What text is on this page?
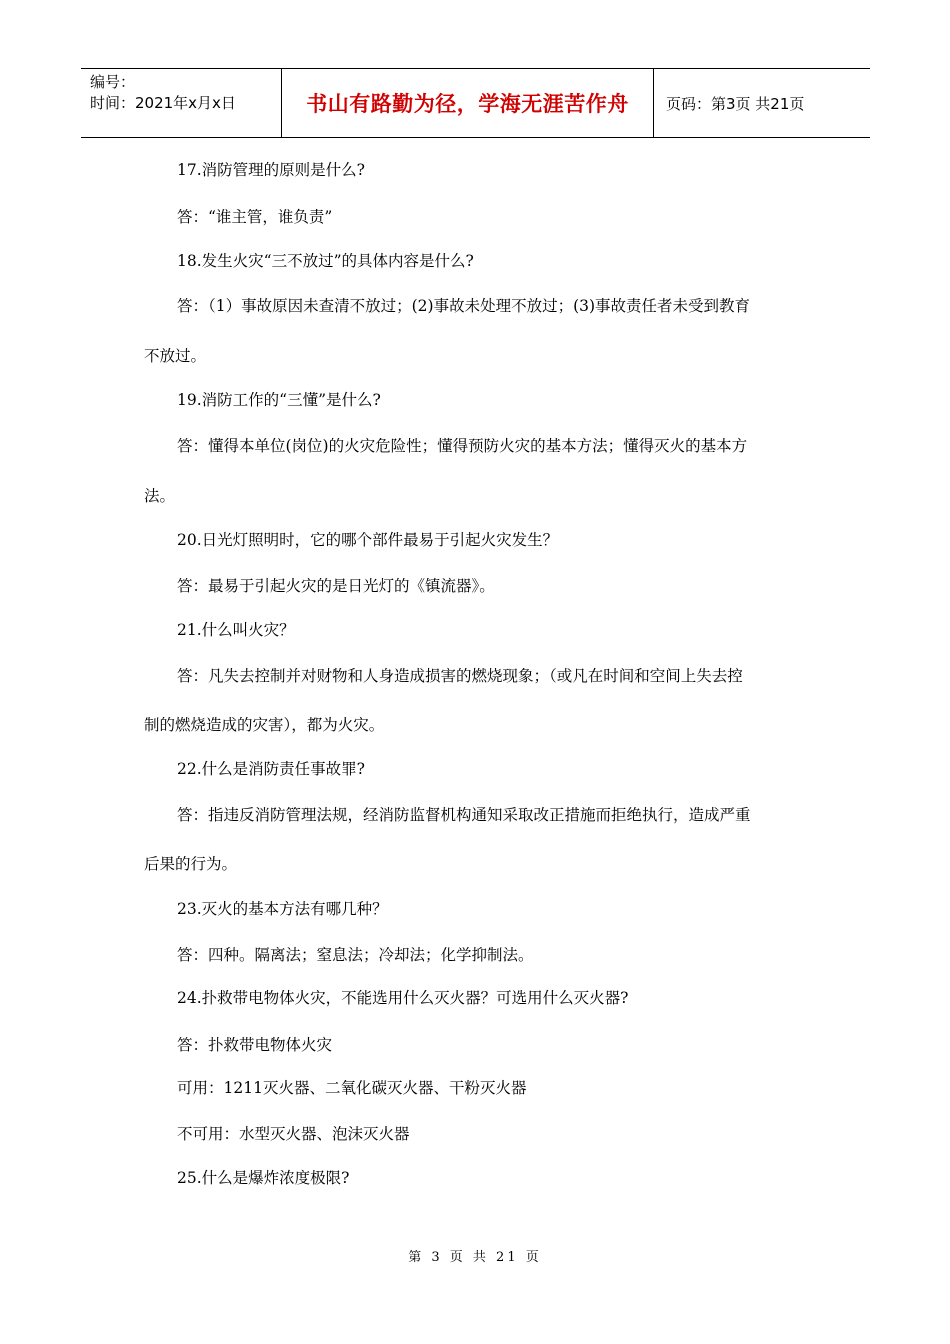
编号：
时间：2021年x月x日	书山有路勤为径，学海无涯苦作舟	页码：第3页 共21页
17.消防管理的原则是什么?
答：“谁主管，谁负责”
18.发生火灾“三不放过”的具体内容是什么?
答：（1）事故原因未查清不放过；(2)事故未处理不放过；(3)事故责任者未受到教育
不放过。
19.消防工作的“三懂”是什么?
答：懂得本单位(岗位)的火灾危险性；懂得预防火灾的基本方法；懂得灭火的基本方
法。
20.日光灯照明时，它的哪个部件最易于引起火灾发生？
答：最易于引起火灾的是日光灯的《镇流器》。
21.什么叫火灾？
答：凡失去控制并对财物和人身造成损害的燃烧现象；（或凡在时间和空间上失去控
制的燃烧造成的灾害），都为火灾。
22.什么是消防责任事故罪?
答：指违反消防管理法规，经消防监督机构通知采取改正措施而拒绝执行，造成严重
后果的行为。
23.灭火的基本方法有哪几种？
答：四种。隔离法；窒息法；冷却法；化学抑制法。
24.扑救带电物体火灾，不能选用什么灭火器？可选用什么灭火器?
答：扑救带电物体火灾
可用：1211灭火器、二氧化碳灭火器、干粉灭火器
不可用：水型灭火器、泡沫灭火器
25.什么是爆炸浓度极限?
第 3 页 共 21 页
